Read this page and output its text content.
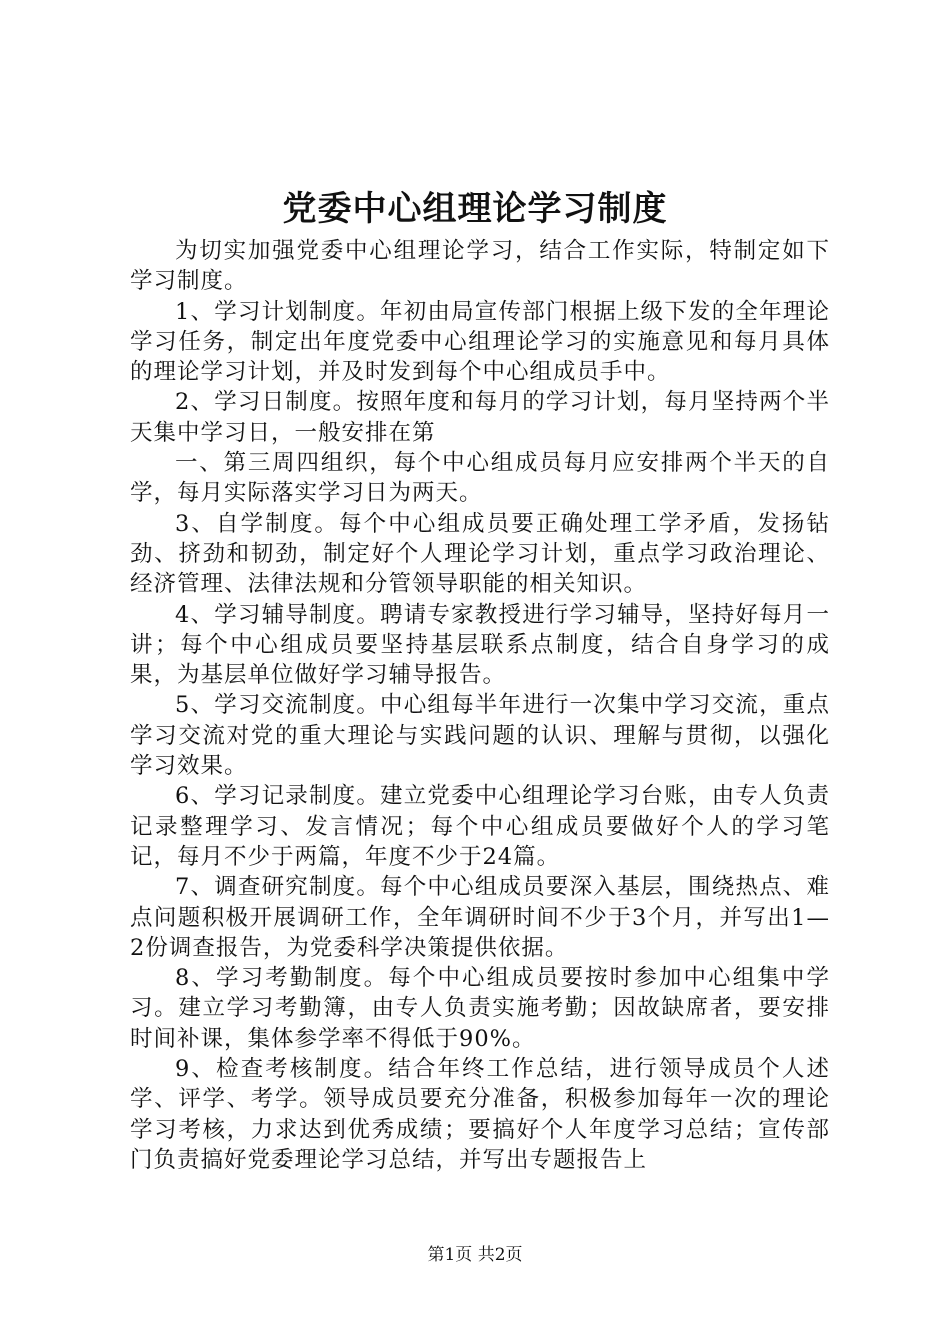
党委中心组理论学习制度

为切实加强党委中心组理论学习，结合工作实际，特制定如下学习制度。

1、学习计划制度。年初由局宣传部门根据上级下发的全年理论学习任务，制定出年度党委中心组理论学习的实施意见和每月具体的理论学习计划，并及时发到每个中心组成员手中。

2、学习日制度。按照年度和每月的学习计划，每月坚持两个半天集中学习日，一般安排在第

一、第三周四组织，每个中心组成员每月应安排两个半天的自学，每月实际落实学习日为两天。

3、自学制度。每个中心组成员要正确处理工学矛盾，发扬钻劲、挤劲和韧劲，制定好个人理论学习计划，重点学习政治理论、经济管理、法律法规和分管领导职能的相关知识。

4、学习辅导制度。聘请专家教授进行学习辅导，坚持好每月一讲；每个中心组成员要坚持基层联系点制度，结合自身学习的成果，为基层单位做好学习辅导报告。

5、学习交流制度。中心组每半年进行一次集中学习交流，重点学习交流对党的重大理论与实践问题的认识、理解与贯彻，以强化学习效果。

6、学习记录制度。建立党委中心组理论学习台账，由专人负责记录整理学习、发言情况；每个中心组成员要做好个人的学习笔记，每月不少于两篇，年度不少于24篇。

7、调查研究制度。每个中心组成员要深入基层，围绕热点、难点问题积极开展调研工作，全年调研时间不少于3个月，并写出1—2份调查报告，为党委科学决策提供依据。

8、学习考勤制度。每个中心组成员要按时参加中心组集中学习。建立学习考勤簿，由专人负责实施考勤；因故缺席者，要安排时间补课，集体参学率不得低于90%。

9、检查考核制度。结合年终工作总结，进行领导成员个人述学、评学、考学。领导成员要充分准备，积极参加每年一次的理论学习考核，力求达到优秀成绩；要搞好个人年度学习总结；宣传部门负责搞好党委理论学习总结，并写出专题报告上

第1页 共2页
